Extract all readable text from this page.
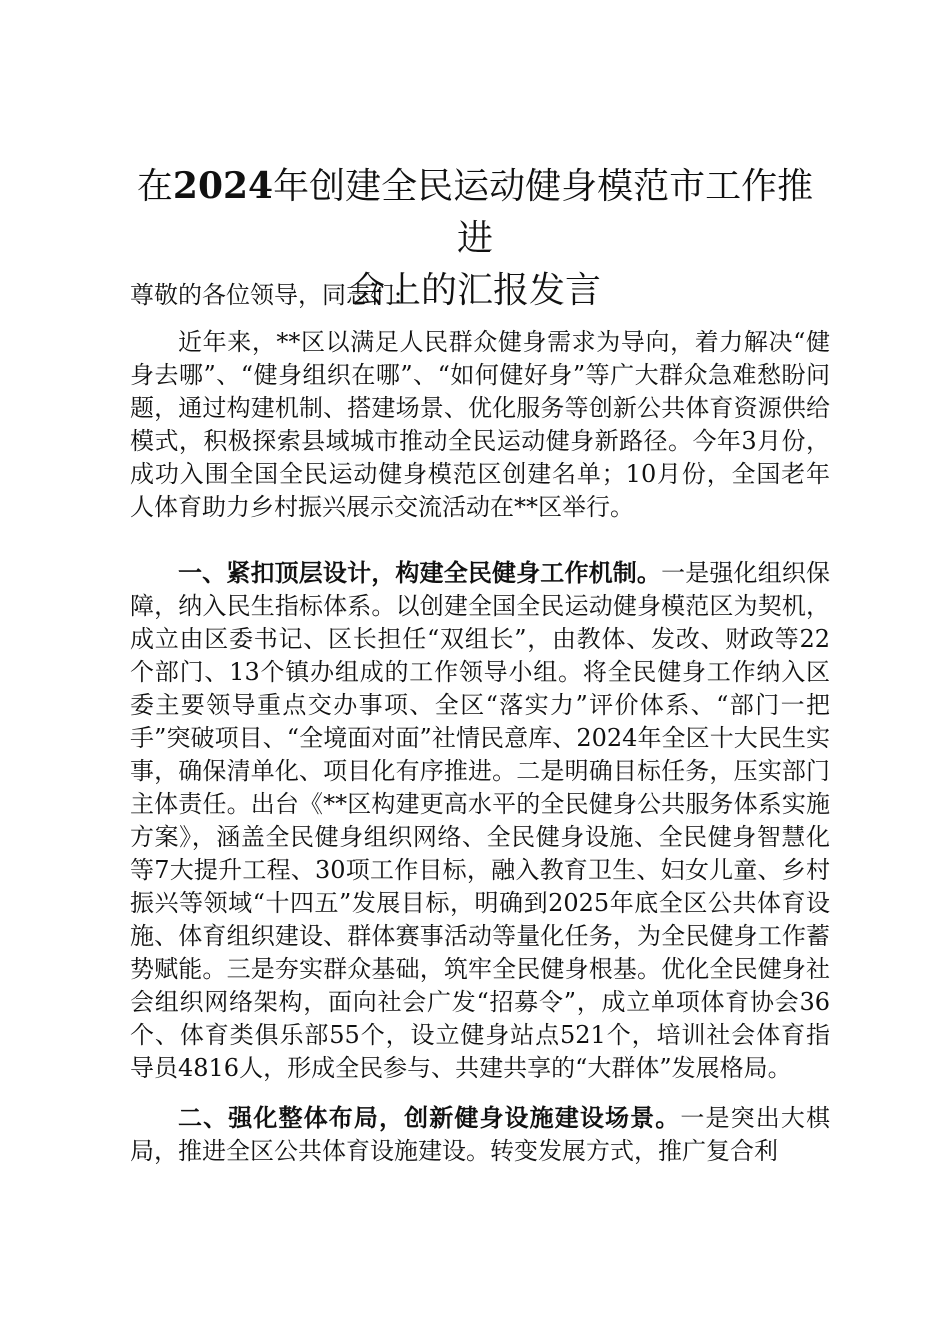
在2024年创建全民运动健身模范市工作推进
会上的汇报发言

尊敬的各位领导，同志们:

近年来，**区以满足人民群众健身需求为导向，着力解决“健身去哪”、“健身组织在哪”、“如何健好身”等广大群众急难愁盼问题，通过构建机制、搭建场景、优化服务等创新公共体育资源供给模式，积极探索县域城市推动全民运动健身新路径。今年3月份，成功入围全国全民运动健身模范区创建名单；10月份，全国老年人体育助力乡村振兴展示交流活动在**区举行。

一、紧扣顶层设计，构建全民健身工作机制。一是强化组织保障，纳入民生指标体系。以创建全国全民运动健身模范区为契机，成立由区委书记、区长担任“双组长”，由教体、发改、财政等22个部门、13个镇办组成的工作领导小组。将全民健身工作纳入区委主要领导重点交办事项、全区“落实力”评价体系、“部门一把手”突破项目、“全境面对面”社情民意库、2024年全区十大民生实事，确保清单化、项目化有序推进。二是明确目标任务，压实部门主体责任。出台《**区构建更高水平的全民健身公共服务体系实施方案》，涵盖全民健身组织网络、全民健身设施、全民健身智慧化等7大提升工程、30项工作目标，融入教育卫生、妇女儿童、乡村振兴等领域“十四五”发展目标，明确到2025年底全区公共体育设施、体育组织建设、群体赛事活动等量化任务，为全民健身工作蓄势赋能。三是夯实群众基础，筑牢全民健身根基。优化全民健身社会组织网络架构，面向社会广发“招募令”，成立单项体育协会36个、体育类俱乐部55个，设立健身站点521个，培训社会体育指导员4816人，形成全民参与、共建共享的“大群体”发展格局。

二、强化整体布局，创新健身设施建设场景。一是突出大棋局，推进全区公共体育设施建设。转变发展方式，推广复合利
